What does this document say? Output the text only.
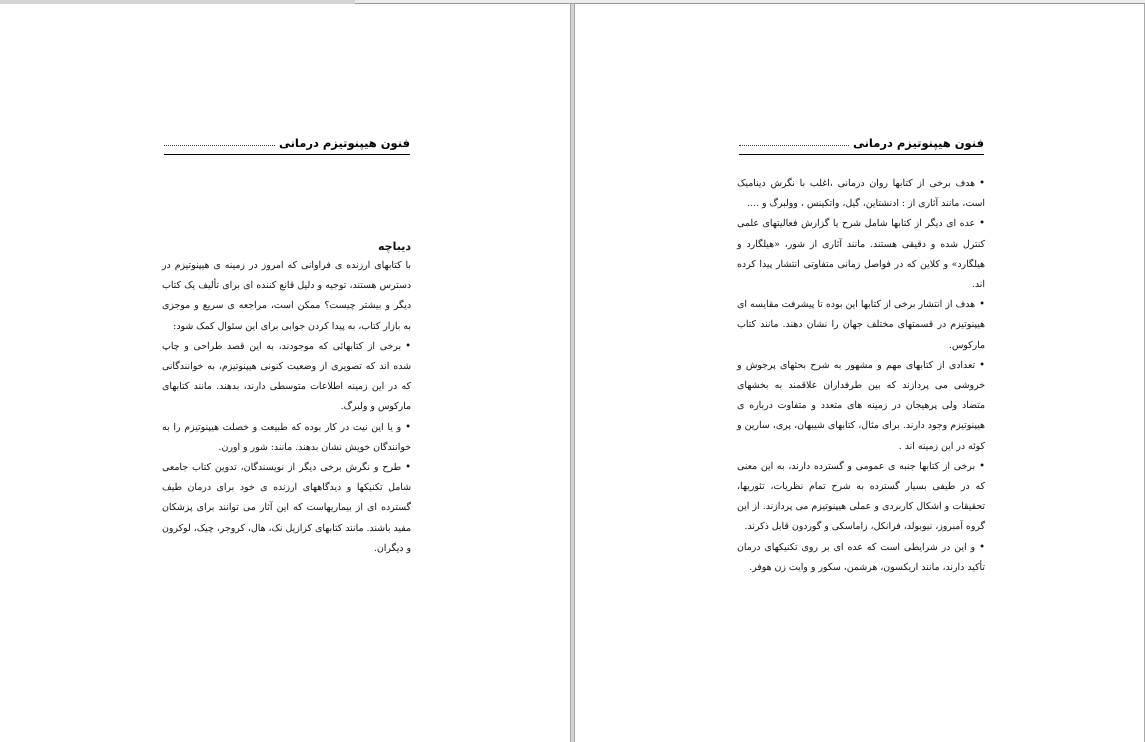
فنون هیپنوتیزم درمانی
دیباچه

با کتابهای ارزنده ی فراوانی که امروز در زمینه ی هیپنوتیزم در دسترس هستند، توجیه و دلیل قانع کننده ای برای تألیف یک کتاب دیگر و بیشتر چیست؟ ممکن است، مراجعه ی سریع و موجزی به بازار کتاب، به پیدا کردن جوابی برای این سئوال کمک شود:

• برخی از کتابهائی که موجودند، به این قصد طراحی و چاپ شده اند که تصویری از وضعیت کنونی هیپنوتیزم، به خوانندگانی که در این زمینه اطلاعات متوسطی دارند، بدهند. مانند کتابهای مارکوس و ولبرگ.
• و یا این نیت در کار بوده که طبیعت و خصلت هیپنوتیزم را به خوانندگان خویش نشان بدهند. مانند: شور و اورن.
• طرح و نگرش برخی دیگر از نویسندگان، تدوین کتاب جامعی شامل تکنیکها و دیدگاههای ارزنده ی خود برای درمان طیف گسترده ای از بیماریهاست که این آثار می توانند برای پزشکان مفید باشند. مانند کتابهای کرازیل نک، هال، کروجر، چیک، لوکرون و دیگران.
فنون هیپنوتیزم درمانی
• هدف برخی از کتابها روان درمانی ،اغلب با نگرش دینامیک است، مانند آثاری از : ادنشتاین، گیل، واتکینس ، وولبرگ و ....
• عده ای دیگر از کتابها شامل شرح یا گزارش فعالیتهای علمی کنترل شده و دقیقی هستند. مانند آثاری از شور، «هیلگارد و هیلگارد» و کلاین که در فواصل زمانی متفاوتی انتشار پیدا کرده اند.
• هدف از انتشار برخی از کتابها این بوده تا پیشرفت مقایسه ای هیپنوتیزم در قسمتهای مختلف جهان را نشان دهند. مانند کتاب مارکوس.
• تعدادی از کتابهای مهم و مشهور به شرح بحثهای پرجوش و خروشی می پردازند که بین طرفداران علاقمند به بخشهای متضاد ولی پرهیجان در زمینه های متعدد و متفاوت درباره ی هیپنوتیزم وجود دارند. برای مثال، کتابهای شیبهان، پری، سارین و کوئه در این زمینه اند .
• برخی از کتابها جنبه ی عمومی و گسترده دارند، به این معنی که در طیفی بسیار گسترده به شرح تمام نظریات، تئوریها، تحقیقات و اشکال کاربردی و عملی هیپنوتیزم می پردازند. از این گروه آمبروز، نیوبولد، فرانکل، زاماسکی و گوردون قابل ذکرند.
• و این در شرایطی است که عده ای بر روی تکنیکهای درمان تأکید دارند، مانند اریکسون، هرشمن، سکور و وایت زن هوفر.
